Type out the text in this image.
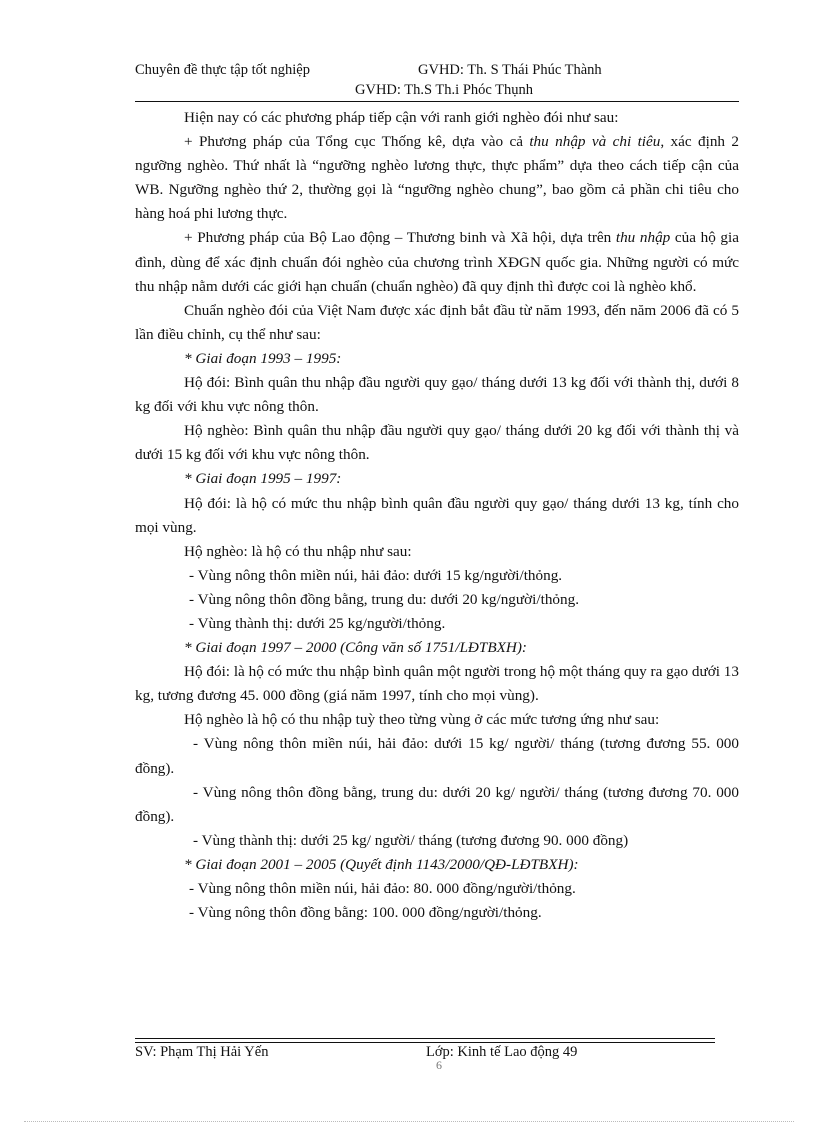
Chuyên đề thực tập tốt nghiệp	GVHD: Th. S Thái Phúc Thành
GVHD: Th.S Th.i Phóc Thụnh

Hiện nay có các phương pháp tiếp cận với ranh giới nghèo đói như sau:

+ Phương pháp của Tổng cục Thống kê, dựa vào cả thu nhập và chi tiêu, xác định 2 ngưỡng nghèo. Thứ nhất là “ngưỡng nghèo lương thực, thực phẩm” dựa theo cách tiếp cận của WB. Ngưỡng nghèo thứ 2, thường gọi là “ngưỡng nghèo chung”, bao gồm cả phần chi tiêu cho hàng hoá phi lương thực.

+ Phương pháp của Bộ Lao động – Thương binh và Xã hội, dựa trên thu nhập của hộ gia đình, dùng để xác định chuẩn đói nghèo của chương trình XĐGN quốc gia. Những người có mức thu nhập nằm dưới các giới hạn chuẩn (chuẩn nghèo) đã quy định thì được coi là nghèo khổ.

Chuẩn nghèo đói của Việt Nam được xác định bắt đầu từ năm 1993, đến năm 2006 đã có 5 lần điều chỉnh, cụ thể như sau:

* Giai đoạn 1993 – 1995:

Hộ đói: Bình quân thu nhập đầu người quy gạo/ tháng dưới 13 kg đối với thành thị, dưới 8 kg đối với khu vực nông thôn.

Hộ nghèo: Bình quân thu nhập đầu người quy gạo/ tháng dưới 20 kg đối với thành thị và dưới 15 kg đối với khu vực nông thôn.

* Giai đoạn 1995 – 1997:

Hộ đói: là hộ có mức thu nhập bình quân đầu người quy gạo/ tháng dưới 13 kg, tính cho mọi vùng.

Hộ nghèo: là hộ có thu nhập như sau:

- Vùng nông thôn miền núi, hải đảo: dưới 15 kg/người/thỏng.

- Vùng nông thôn đồng bằng, trung du: dưới 20 kg/người/thỏng.

- Vùng thành thị: dưới 25 kg/người/thỏng.

* Giai đoạn 1997 – 2000 (Công văn số 1751/LĐTBXH):

Hộ đói: là hộ có mức thu nhập bình quân một người trong hộ một tháng quy ra gạo dưới 13 kg, tương đương 45. 000 đồng (giá năm 1997, tính cho mọi vùng).

Hộ nghèo là hộ có thu nhập tuỳ theo từng vùng ở các mức tương ứng như sau:

- Vùng nông thôn miền núi, hải đảo: dưới 15 kg/ người/ tháng (tương đương 55. 000 đồng).

- Vùng nông thôn đồng bằng, trung du: dưới 20 kg/ người/ tháng (tương đương 70. 000 đồng).

- Vùng thành thị: dưới 25 kg/ người/ tháng (tương đương 90. 000 đồng)

* Giai đoạn 2001 – 2005 (Quyết định 1143/2000/QĐ-LĐTBXH):

- Vùng nông thôn miền núi, hải đảo: 80. 000 đồng/người/thỏng.

- Vùng nông thôn đồng bằng: 100. 000 đồng/người/thỏng.

SV: Phạm Thị Hải Yến	Lớp: Kinh tế Lao động 49
6
